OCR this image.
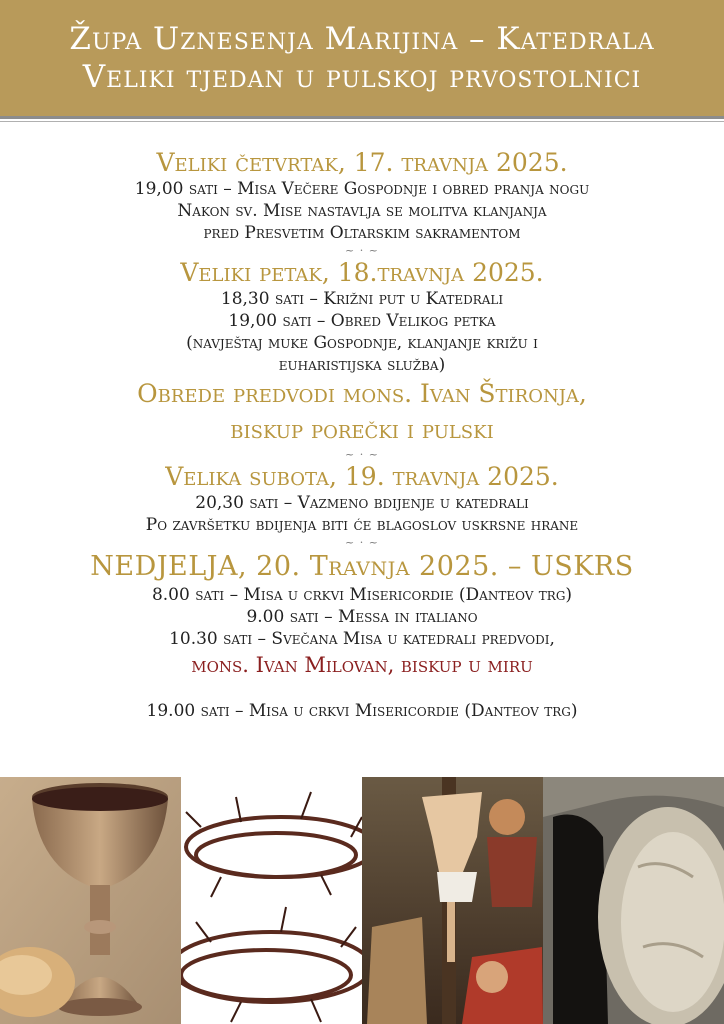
Župa Uznesenja Marijina – Katedrala
Veliki tjedan u pulskoj prvostolnici
Veliki četvrtak, 17. travnja 2025.
19,00 sati – Misa Večere Gospodnje i obred pranja nogu
Nakon sv. Mise nastavlja se molitva klanjanja
pred Presvetim Oltarskim sakramentom
~ · ~
Veliki petak, 18.travnja 2025.
18,30 sati – Križni put u Katedrali
19,00 sati – Obred Velikog petka
(navještaj muke Gospodnje, klanjanje križu i
euharistijska služba)
Obrede predvodi mons. Ivan Štironja,
biskup porečki i pulski
~ · ~
Velika subota, 19. travnja 2025.
20,30 sati – Vazmeno bdijenje u katedrali
Po završetku bdijenja biti će blagoslov uskrsne hrane
~ · ~
NEDJELJA, 20. Travnja 2025. – USKRS
8.00 sati – Misa u crkvi Misericordie (Danteov trg)
9.00 sati – Messa in italiano
10.30 sati – Svečana Misa u katedrali predvodi,
mons. Ivan Milovan, biskup u miru
19.00 sati – Misa u crkvi Misericordie (Danteov trg)
